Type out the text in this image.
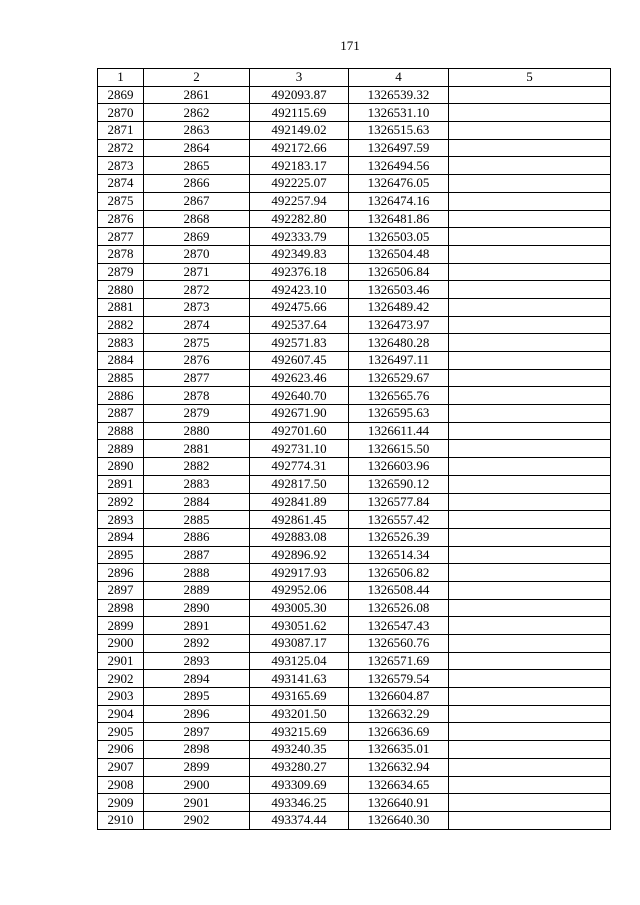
171
1	2	3	4	5
2869	2861	492093.87	1326539.32	
2870	2862	492115.69	1326531.10	
2871	2863	492149.02	1326515.63	
2872	2864	492172.66	1326497.59	
2873	2865	492183.17	1326494.56	
2874	2866	492225.07	1326476.05	
2875	2867	492257.94	1326474.16	
2876	2868	492282.80	1326481.86	
2877	2869	492333.79	1326503.05	
2878	2870	492349.83	1326504.48	
2879	2871	492376.18	1326506.84	
2880	2872	492423.10	1326503.46	
2881	2873	492475.66	1326489.42	
2882	2874	492537.64	1326473.97	
2883	2875	492571.83	1326480.28	
2884	2876	492607.45	1326497.11	
2885	2877	492623.46	1326529.67	
2886	2878	492640.70	1326565.76	
2887	2879	492671.90	1326595.63	
2888	2880	492701.60	1326611.44	
2889	2881	492731.10	1326615.50	
2890	2882	492774.31	1326603.96	
2891	2883	492817.50	1326590.12	
2892	2884	492841.89	1326577.84	
2893	2885	492861.45	1326557.42	
2894	2886	492883.08	1326526.39	
2895	2887	492896.92	1326514.34	
2896	2888	492917.93	1326506.82	
2897	2889	492952.06	1326508.44	
2898	2890	493005.30	1326526.08	
2899	2891	493051.62	1326547.43	
2900	2892	493087.17	1326560.76	
2901	2893	493125.04	1326571.69	
2902	2894	493141.63	1326579.54	
2903	2895	493165.69	1326604.87	
2904	2896	493201.50	1326632.29	
2905	2897	493215.69	1326636.69	
2906	2898	493240.35	1326635.01	
2907	2899	493280.27	1326632.94	
2908	2900	493309.69	1326634.65	
2909	2901	493346.25	1326640.91	
2910	2902	493374.44	1326640.30	
